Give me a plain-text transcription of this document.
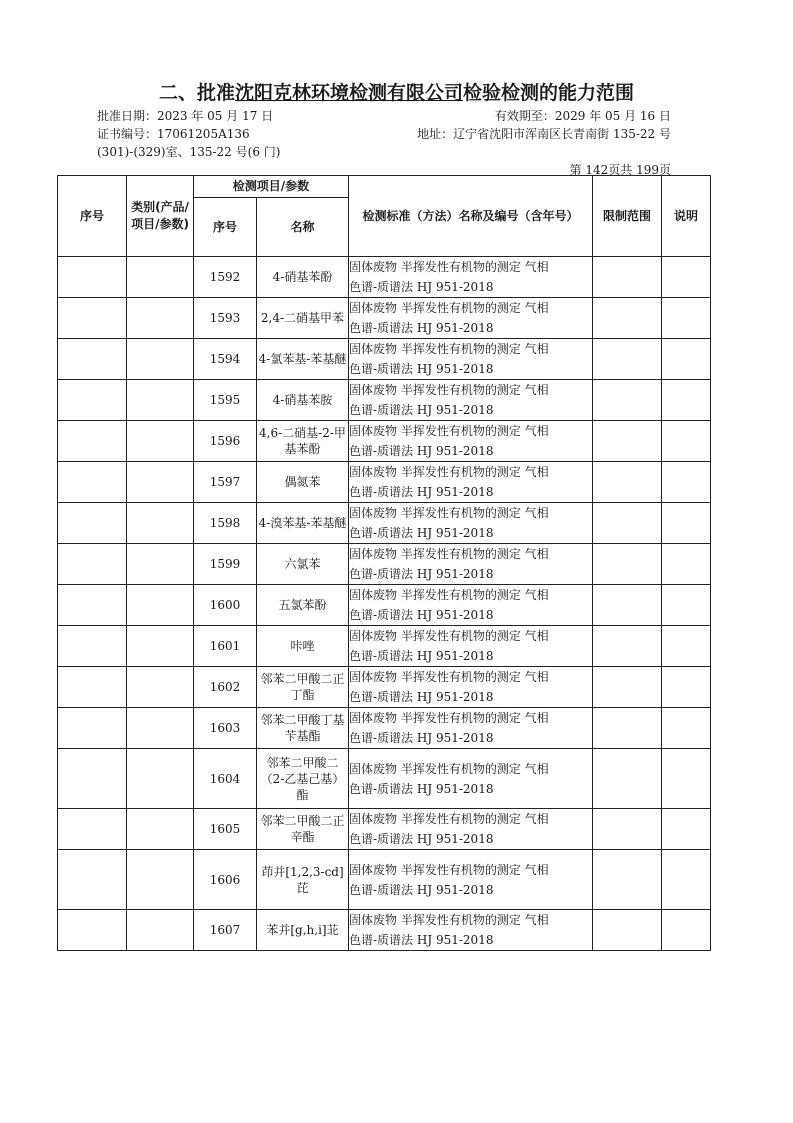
二、批准沈阳克林环境检测有限公司检验检测的能力范围
批准日期：2023 年 05 月 17 日	有效期至：2029 年 05 月 16 日
证书编号：17061205A136	地址：辽宁省沈阳市浑南区长青南街 135-22 号
(301)-(329)室、135-22 号(6 门)
第 142页共 199页
序号	类别(产品/项目/参数)	检测项目/参数		检测标准（方法）名称及编号（含年号）	限制范围	说明
		序号	名称			
		1592	4-硝基苯酚	固体废物 半挥发性有机物的测定 气相
色谱-质谱法 HJ 951-2018		

		1593	2,4-二硝基甲苯	固体废物 半挥发性有机物的测定 气相
色谱-质谱法 HJ 951-2018		

		1594	4-氯苯基-苯基醚	固体废物 半挥发性有机物的测定 气相
色谱-质谱法 HJ 951-2018		

		1595	4-硝基苯胺	固体废物 半挥发性有机物的测定 气相
色谱-质谱法 HJ 951-2018		

		1596	4,6-二硝基-2-甲基苯酚	固体废物 半挥发性有机物的测定 气相
色谱-质谱法 HJ 951-2018		

		1597	偶氮苯	固体废物 半挥发性有机物的测定 气相
色谱-质谱法 HJ 951-2018		

		1598	4-溴苯基-苯基醚	固体废物 半挥发性有机物的测定 气相
色谱-质谱法 HJ 951-2018		

		1599	六氯苯	固体废物 半挥发性有机物的测定 气相
色谱-质谱法 HJ 951-2018		

		1600	五氯苯酚	固体废物 半挥发性有机物的测定 气相
色谱-质谱法 HJ 951-2018		

		1601	咔唑	固体废物 半挥发性有机物的测定 气相
色谱-质谱法 HJ 951-2018		

		1602	邻苯二甲酸二正丁酯	固体废物 半挥发性有机物的测定 气相
色谱-质谱法 HJ 951-2018		

		1603	邻苯二甲酸丁基苄基酯	固体废物 半挥发性有机物的测定 气相
色谱-质谱法 HJ 951-2018		

		1604	邻苯二甲酸二（2-乙基己基）酯	固体废物 半挥发性有机物的测定 气相
色谱-质谱法 HJ 951-2018		

		1605	邻苯二甲酸二正辛酯	固体废物 半挥发性有机物的测定 气相
色谱-质谱法 HJ 951-2018		

		1606	茚并[1,2,3-cd]芘	固体废物 半挥发性有机物的测定 气相
色谱-质谱法 HJ 951-2018		

		1607	苯并[g,h,i]苝	固体废物 半挥发性有机物的测定 气相
色谱-质谱法 HJ 951-2018		
